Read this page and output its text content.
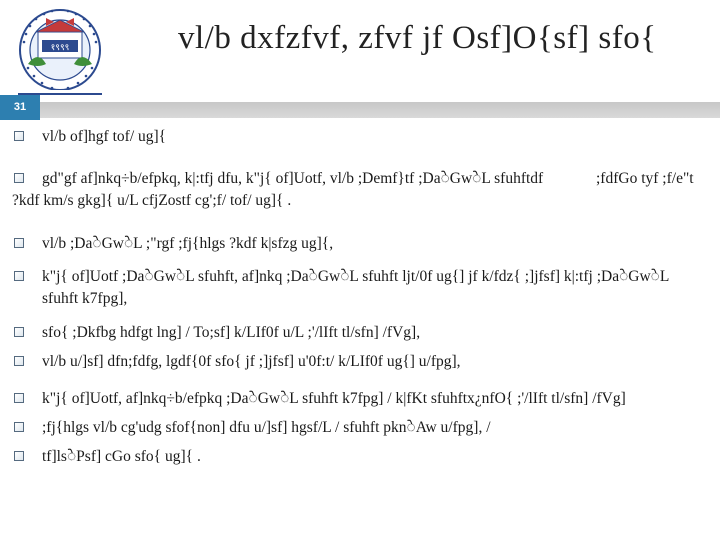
१९९९	vl/b dxfzfvf, zfvf jf Osf]O{sf] sfo{
31
vl/b of]hgf tof/ ug]{
gd"gf af]nkq÷b/efpkq, k|:tfj dfu, k"j{ of]Uotf, vl/b ;Demf}tf ;DaेGwेL sfuhftdf	;fdfGo tyf ;f/e"t
?kdf km/s gkg]{ u/L cfjZostf cg';f/ tof/ ug]{ .
vl/b ;DaेGwेL ;"rgf ;fj{hlgs ?kdf k|sfzg ug]{,
k"j{ of]Uotf ;DaेGwेL sfuhft, af]nkq ;DaेGwेL sfuhft ljt/0f ug{] jf k/fdz{ ;]jfsf] k|:tfj ;DaेGwेL
sfuhft k7fpg],
sfo{ ;Dkfbg hdfgt lng] / To;sf] k/LIf0f u/L ;'/lIft tl/sfn] /fVg],
vl/b u/]sf] dfn;fdfg, lgdf{0f sfo{ jf ;]jfsf] u'0f:t/ k/LIf0f ug{] u/fpg],
k"j{ of]Uotf, af]nkq÷b/efpkq ;DaेGwेL sfuhft k7fpg] / k|fKt sfuhftx¿nfO{ ;'/lIft tl/sfn] /fVg]
;fj{hlgs vl/b cg'udg sfof{non] dfu u/]sf] hgsf/L / sfuhft pknेAw u/fpg], /
tf]lsेPsf] cGo sfo{ ug]{ .
